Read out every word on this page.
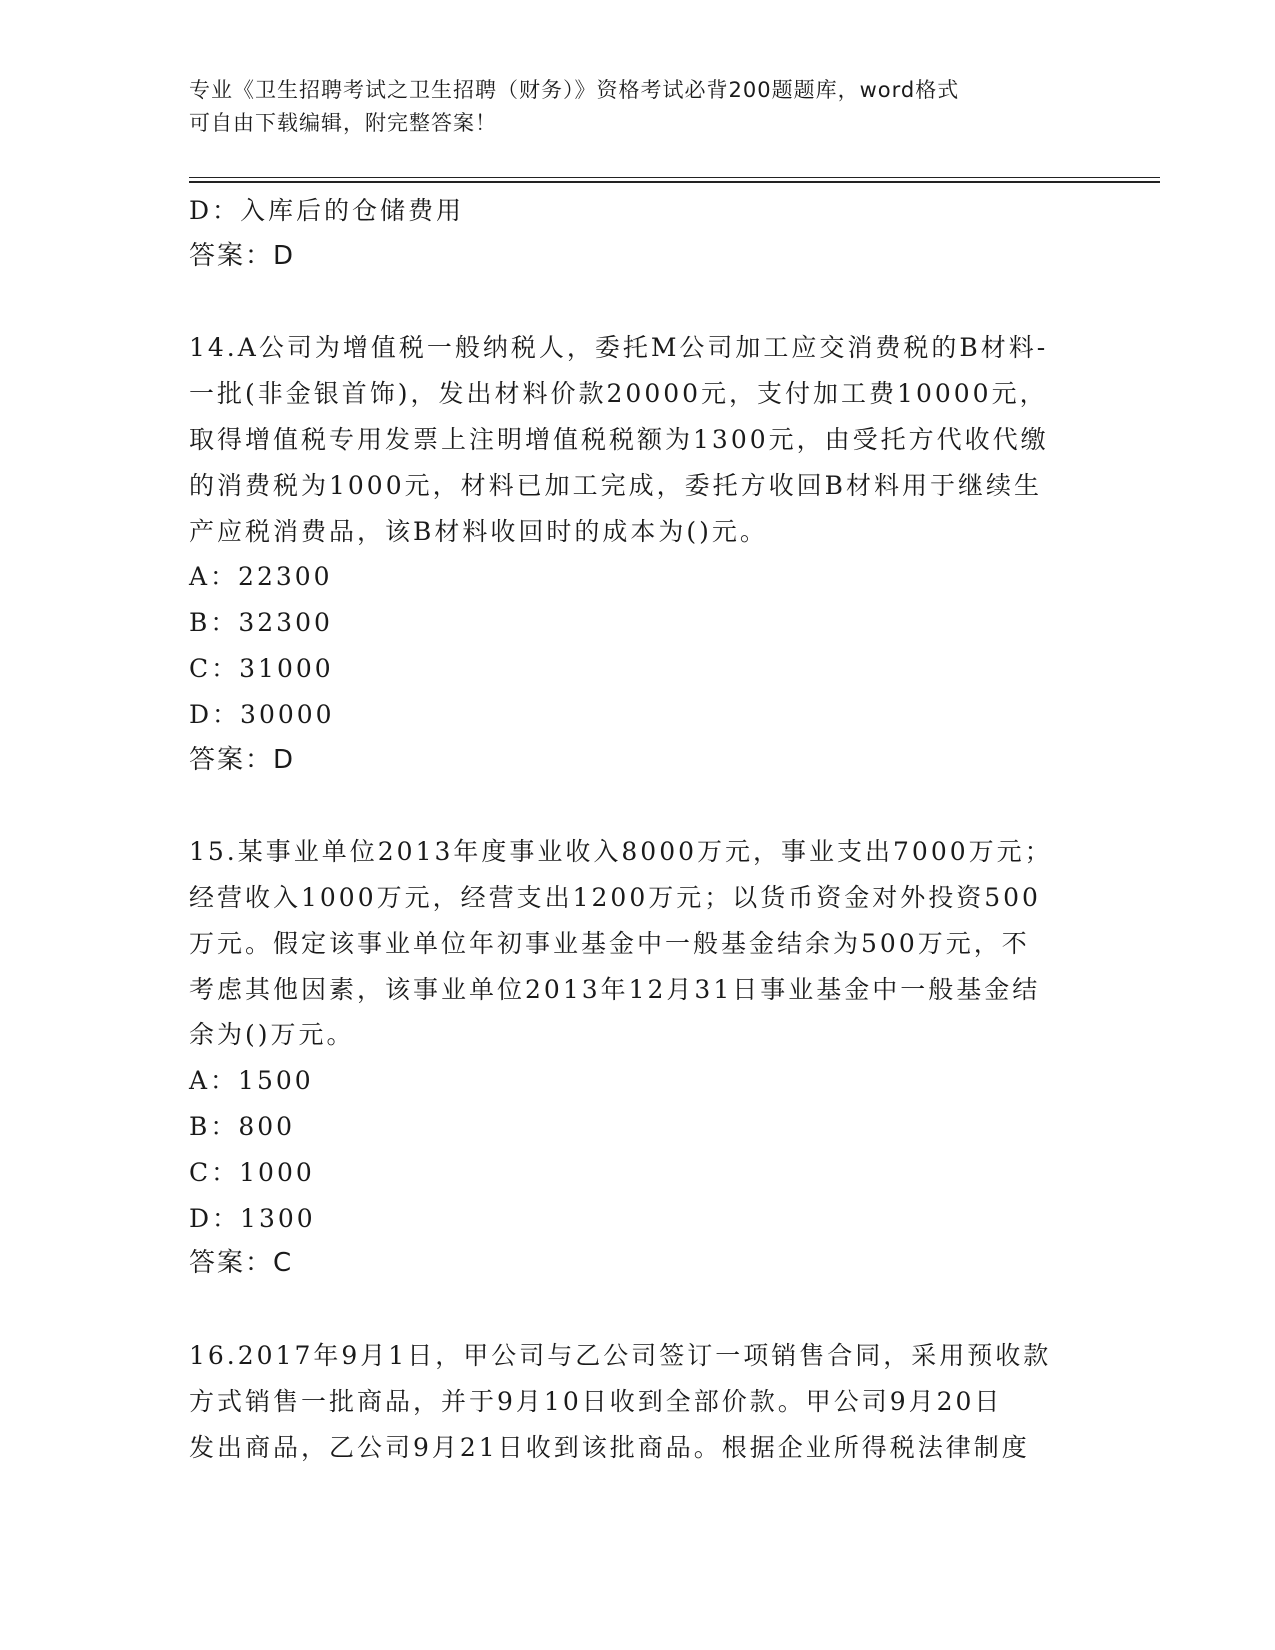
专业《卫生招聘考试之卫生招聘（财务）》资格考试必背200题题库，word格式
可自由下载编辑，附完整答案！
D：入库后的仓储费用
答案：D
14.A公司为增值税一般纳税人，委托M公司加工应交消费税的B材料-
一批(非金银首饰)，发出材料价款20000元，支付加工费10000元，
取得增值税专用发票上注明增值税税额为1300元，由受托方代收代缴
的消费税为1000元，材料已加工完成，委托方收回B材料用于继续生
产应税消费品，该B材料收回时的成本为()元。
A：22300
B：32300
C：31000
D：30000
答案：D
15.某事业单位2013年度事业收入8000万元，事业支出7000万元；
经营收入1000万元，经营支出1200万元；以货币资金对外投资500
万元。假定该事业单位年初事业基金中一般基金结余为500万元，不
考虑其他因素，该事业单位2013年12月31日事业基金中一般基金结
余为()万元。
A：1500
B：800
C：1000
D：1300
答案：C
16.2017年9月1日，甲公司与乙公司签订一项销售合同，采用预收款
方式销售一批商品，并于9月10日收到全部价款。甲公司9月20日
发出商品，乙公司9月21日收到该批商品。根据企业所得税法律制度
